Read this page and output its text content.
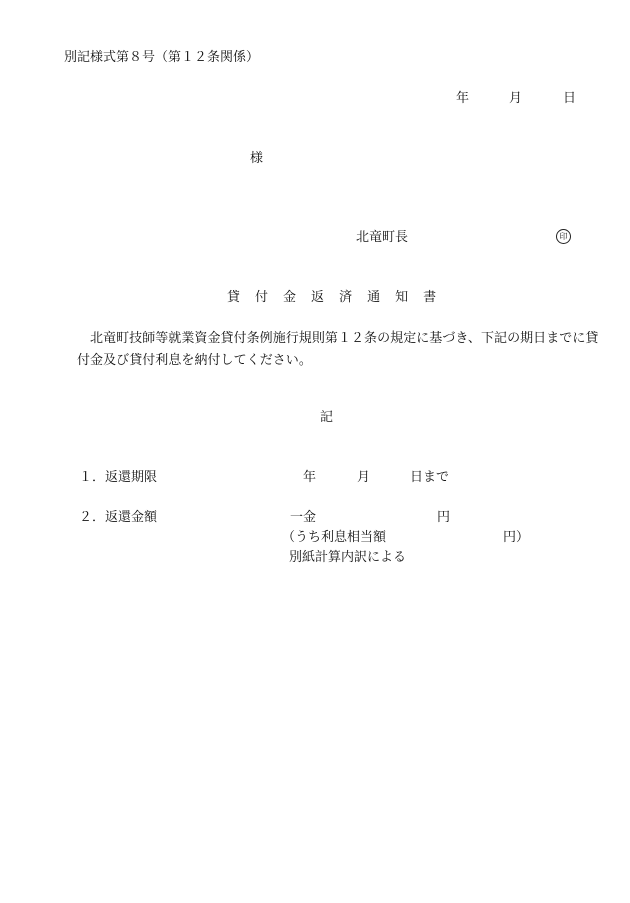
別記様式第８号（第１２条関係）
年	月	日
様
北竜町長	印
貸 付 金 返 済 通 知 書
北竜町技師等就業資金貸付条例施行規則第１２条の規定に基づき、下記の期日までに貸付金及び貸付利息を納付してください。
記
１．返還期限	年	月	日まで
２．返還金額	一金	円
（うち利息相当額	円）
別紙計算内訳による
